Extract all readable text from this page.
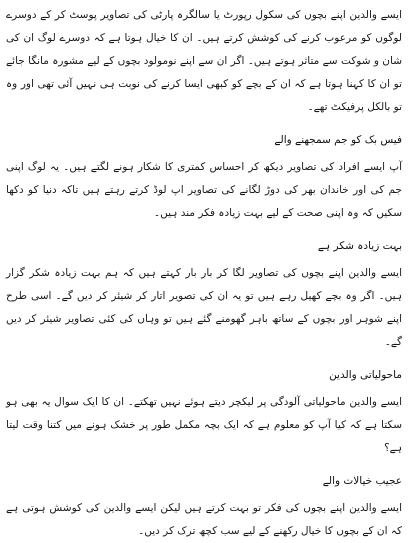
ایسے والدین اپنے بچوں کی سکول رپورٹ یا سالگرہ پارٹی کی تصاویر پوسٹ کر کے دوسرے لوگوں کو مرعوب کرنے کی کوشش کرتے ہیں۔ ان کا خیال ہوتا ہے کہ دوسرے لوگ ان کی شان و شوکت سے متاثر ہوتے ہیں۔ اگر ان سے اپنے نومولود بچوں کے لیے مشورہ مانگا جائے تو ان کا کہنا ہوتا ہے کہ ان کے بچے کو کبھی ایسا کرنے کی نوبت ہی نہیں آئی تھی اور وہ تو بالکل پرفیکٹ تھے۔

فیس بک کو جم سمجھنے والے

آپ ایسے افراد کی تصاویر دیکھ کر احساس کمتری کا شکار ہونے لگتے ہیں۔ یہ لوگ اپنی جم کی اور خاندان بھر کی دوڑ لگانے کی تصاویر اپ لوڈ کرتے رہتے ہیں تاکہ دنیا کو دکھا سکیں کہ وہ اپنی صحت کے لیے بہت زیادہ فکر مند ہیں۔

بہت زیادہ شکر ہے

ایسے والدین اپنے بچوں کی تصاویر لگا کر بار بار کہتے ہیں کہ ہم بہت زیادہ شکر گزار ہیں۔ اگر وہ بچے کھیل رہے ہیں تو یہ ان کی تصویر اتار کر شیئر کر دیں گے۔ اسی طرح اپنے شوہر اور بچوں کے ساتھ باہر گھومنے گئے ہیں تو وہاں کی کئی تصاویر شیئر کر دیں گے۔

ماحولیاتی والدین

ایسے والدین ماحولیاتی آلودگی پر لیکچر دیتے ہوئے نہیں تھکتے۔ ان کا ایک سوال یہ بھی ہو سکتا ہے کہ کیا آپ کو معلوم ہے کہ ایک بچہ مکمل طور پر خشک ہونے میں کتنا وقت لیتا ہے؟

عجیب خیالات والے

ایسے والدین اپنے بچوں کی فکر تو بہت کرتے ہیں لیکن ایسے والدین کی کوشش ہوتی ہے کہ ان کے بچوں کا خیال رکھنے کے لیے سب کچھ ترک کر دیں۔
